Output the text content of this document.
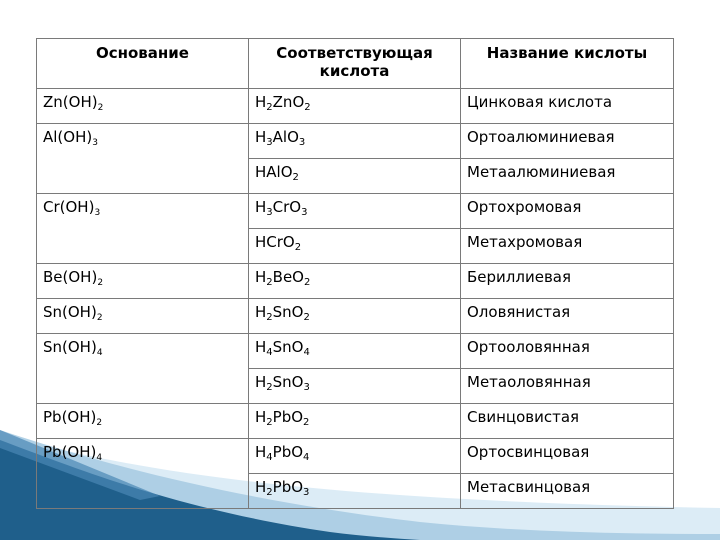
Основание	Соответствующая кислота	Название кислоты
$Zn(OH)_2$	$H_2ZnO_2$	Цинковая кислота
$Al(OH)_3$	$H_3AlO_3$	Ортоалюминиевая
	HAlO$_2$	Метаалюминиевая
$Cr(OH)_3$	$H_3CrO_3$	Ортохромовая
	HCrO$_2$	Метахромовая
$Be(OH)_2$	$H_2BeO_2$	Бериллиевая
$Sn(OH)_2$	$H_2SnO_2$	Оловянистая
$Sn(OH)_4$	$H_4SnO_4$	Ортооловянная
	$H_2SnO_3$	Метаоловянная
$Pb(OH)_2$	$H_2PbO_2$	Свинцовистая
$Pb(OH)_4$	$H_4PbO_4$	Ортосвинцовая
	$H_2PbO_3$	Метасвинцовая
